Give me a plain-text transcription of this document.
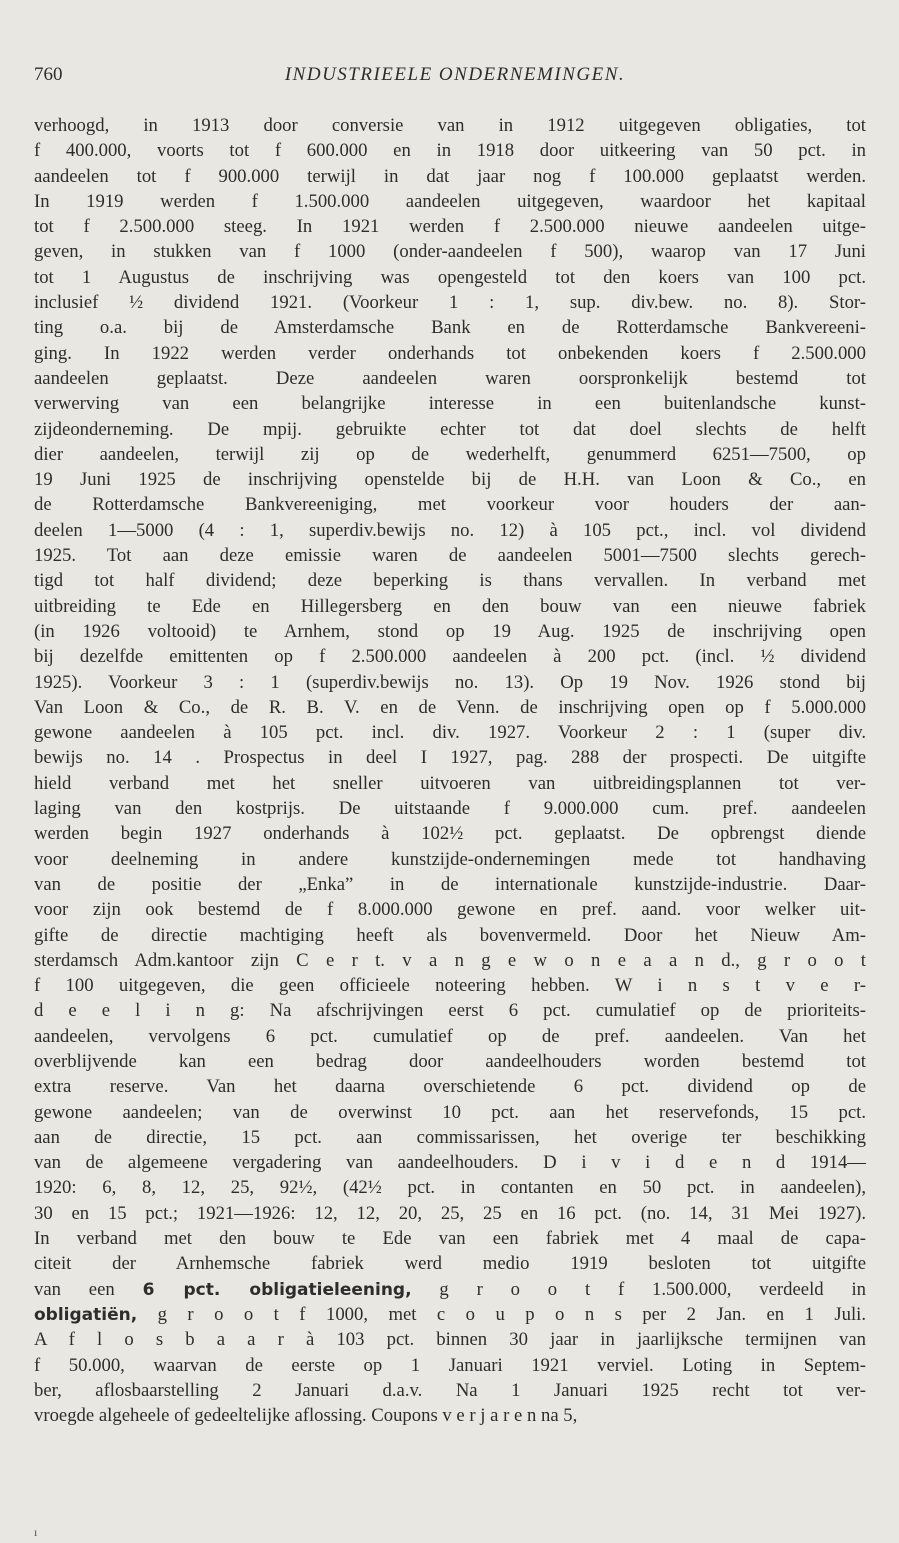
760	INDUSTRIEELE ONDERNEMINGEN.
verhoogd, in 1913 door conversie van in 1912 uitgegeven obligaties, tot
f 400.000, voorts tot f 600.000 en in 1918 door uitkeering van 50 pct. in
aandeelen tot f 900.000 terwijl in dat jaar nog f 100.000 geplaatst werden.
In 1919 werden f 1.500.000 aandeelen uitgegeven, waardoor het kapitaal
tot f 2.500.000 steeg. In 1921 werden f 2.500.000 nieuwe aandeelen uitge-
geven, in stukken van f 1000 (onder-aandeelen f 500), waarop van 17 Juni
tot 1 Augustus de inschrijving was opengesteld tot den koers van 100 pct.
inclusief ½ dividend 1921. (Voorkeur 1 : 1, sup. div.bew. no. 8). Stor-
ting o.a. bij de Amsterdamsche Bank en de Rotterdamsche Bankvereeni-
ging. In 1922 werden verder onderhands tot onbekenden koers f 2.500.000
aandeelen geplaatst. Deze aandeelen waren oorspronkelijk bestemd tot
verwerving van een belangrijke interesse in een buitenlandsche kunst-
zijdeonderneming. De mpij. gebruikte echter tot dat doel slechts de helft
dier aandeelen, terwijl zij op de wederhelft, genummerd 6251—7500, op
19 Juni 1925 de inschrijving openstelde bij de H.H. van Loon & Co., en
de Rotterdamsche Bankvereeniging, met voorkeur voor houders der aan-
deelen 1—5000 (4 : 1, superdiv.bewijs no. 12) à 105 pct., incl. vol dividend
1925. Tot aan deze emissie waren de aandeelen 5001—7500 slechts gerech-
tigd tot half dividend; deze beperking is thans vervallen. In verband met
uitbreiding te Ede en Hillegersberg en den bouw van een nieuwe fabriek
(in 1926 voltooid) te Arnhem, stond op 19 Aug. 1925 de inschrijving open
bij dezelfde emittenten op f 2.500.000 aandeelen à 200 pct. (incl. ½ dividend
1925). Voorkeur 3 : 1 (superdiv.bewijs no. 13). Op 19 Nov. 1926 stond bij
Van Loon & Co., de R. B. V. en de Venn. de inschrijving open op f 5.000.000
gewone aandeelen à 105 pct. incl. div. 1927. Voorkeur 2 : 1 (super div.
bewijs no. 14 . Prospectus in deel I 1927, pag. 288 der prospecti. De uitgifte
hield verband met het sneller uitvoeren van uitbreidingsplannen tot ver-
laging van den kostprijs. De uitstaande f 9.000.000 cum. pref. aandeelen
werden begin 1927 onderhands à 102½ pct. geplaatst. De opbrengst diende
voor deelneming in andere kunstzijde-ondernemingen mede tot handhaving
van de positie der „Enka” in de internationale kunstzijde-industrie. Daar-
voor zijn ook bestemd de f 8.000.000 gewone en pref. aand. voor welker uit-
gifte de directie machtiging heeft als bovenvermeld. Door het Nieuw Am-
sterdamsch Adm.kantoor zijn C e r t. v a n g e w o n e a a n d., g r o o t
f 100 uitgegeven, die geen officieele noteering hebben. W i n s t v e r-
d e e l i n g: Na afschrijvingen eerst 6 pct. cumulatief op de prioriteits-
aandeelen, vervolgens 6 pct. cumulatief op de pref. aandeelen. Van het
overblijvende kan een bedrag door aandeelhouders worden bestemd tot
extra reserve. Van het daarna overschietende 6 pct. dividend op de
gewone aandeelen; van de overwinst 10 pct. aan het reservefonds, 15 pct.
aan de directie, 15 pct. aan commissarissen, het overige ter beschikking
van de algemeene vergadering van aandeelhouders. D i v i d e n d 1914—
1920: 6, 8, 12, 25, 92½, (42½ pct. in contanten en 50 pct. in aandeelen),
30 en 15 pct.; 1921—1926: 12, 12, 20, 25, 25 en 16 pct. (no. 14, 31 Mei 1927).
In verband met den bouw te Ede van een fabriek met 4 maal de capa-
citeit der Arnhemsche fabriek werd medio 1919 besloten tot uitgifte
van een 6 pct. obligatieleening, g r o o t f 1.500.000, verdeeld in
obligatiën, g r o o t f 1000, met c o u p o n s per 2 Jan. en 1 Juli.
A f l o s b a a r à 103 pct. binnen 30 jaar in jaarlijksche termijnen van
f 50.000, waarvan de eerste op 1 Januari 1921 verviel. Loting in Septem-
ber, aflosbaarstelling 2 Januari d.a.v. Na 1 Januari 1925 recht tot ver-
vroegde algeheele of gedeeltelijke aflossing. Coupons v e r j a r e n na 5,
ı
